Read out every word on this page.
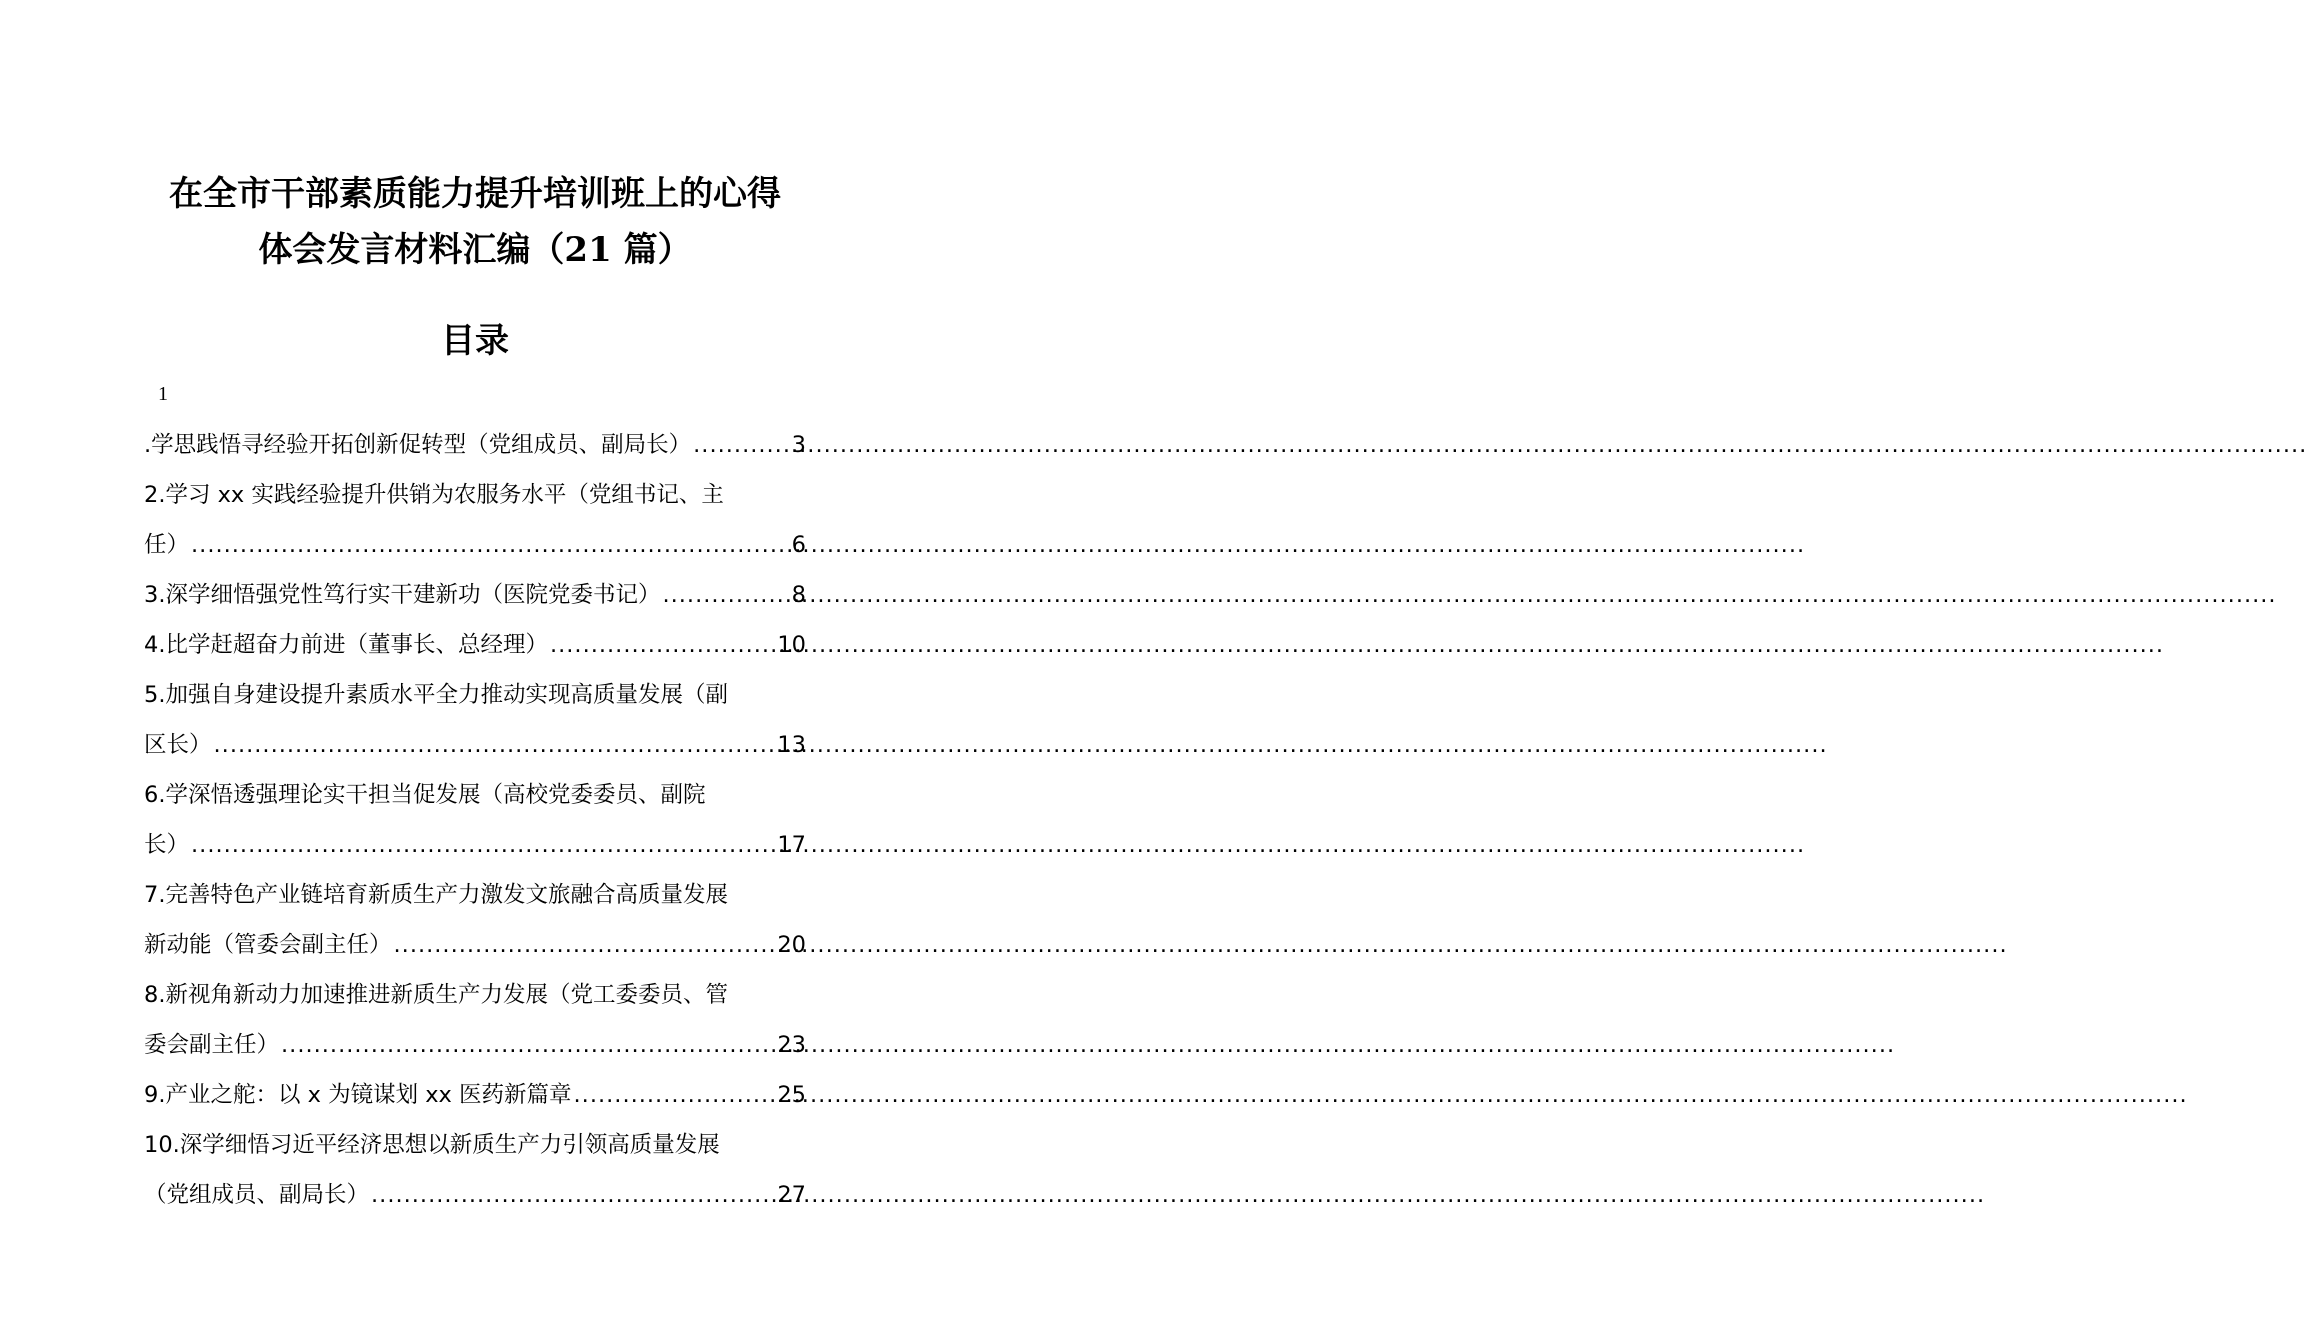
在全市干部素质能力提升培训班上的心得
体会发言材料汇编（21 篇）
目录
1
.学思践悟寻经验开拓创新促转型（党组成员、副局长） .....	3
2.学习 xx 实践经验提升供销为农服务水平（党组书记、主
任） .....	6
3.深学细悟强党性笃行实干建新功（医院党委书记） .....	8
4.比学赶超奋力前进（董事长、总经理） .....	10
5.加强自身建设提升素质水平全力推动实现高质量发展（副
区长） .....	13
6.学深悟透强理论实干担当促发展（高校党委委员、副院
长） .....	17
7.完善特色产业链培育新质生产力激发文旅融合高质量发展
新动能（管委会副主任） .....	20
8.新视角新动力加速推进新质生产力发展（党工委委员、管
委会副主任） .....	23
9.产业之舵：以 x 为镜谋划 xx 医药新篇章 .....	25
10.深学细悟习近平经济思想以新质生产力引领高质量发展
（党组成员、副局长） .....	27
